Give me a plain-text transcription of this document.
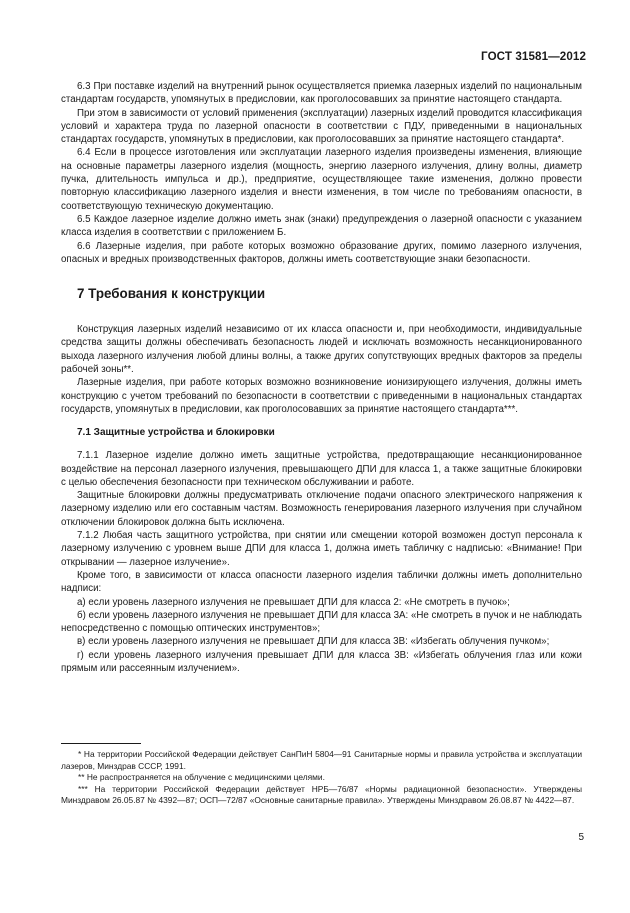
ГОСТ 31581—2012

6.3 При поставке изделий на внутренний рынок осуществляется приемка лазерных изделий по национальным стандартам государств, упомянутых в предисловии, как проголосовавших за принятие настоящего стандарта.

При этом в зависимости от условий применения (эксплуатации) лазерных изделий проводится классификация условий и характера труда по лазерной опасности в соответствии с ПДУ, приведенными в национальных стандартах государств, упомянутых в предисловии, как проголосовавших за принятие настоящего стандарта*.

6.4 Если в процессе изготовления или эксплуатации лазерного изделия произведены изменения, влияющие на основные параметры лазерного изделия (мощность, энергию лазерного излучения, длину волны, диаметр пучка, длительность импульса и др.), предприятие, осуществляющее такие изменения, должно провести повторную классификацию лазерного изделия и внести изменения, в том числе по требованиям опасности, в соответствующую техническую документацию.

6.5 Каждое лазерное изделие должно иметь знак (знаки) предупреждения о лазерной опасности с указанием класса изделия в соответствии с приложением Б.

6.6 Лазерные изделия, при работе которых возможно образование других, помимо лазерного излучения, опасных и вредных производственных факторов, должны иметь соответствующие знаки безопасности.

7 Требования к конструкции

Конструкция лазерных изделий независимо от их класса опасности и, при необходимости, индивидуальные средства защиты должны обеспечивать безопасность людей и исключать возможность несанкционированного выхода лазерного излучения любой длины волны, а также других сопутствующих вредных факторов за пределы рабочей зоны**.

Лазерные изделия, при работе которых возможно возникновение ионизирующего излучения, должны иметь конструкцию с учетом требований по безопасности в соответствии с приведенными в национальных стандартах государств, упомянутых в предисловии, как проголосовавших за принятие настоящего стандарта***.

7.1 Защитные устройства и блокировки

7.1.1 Лазерное изделие должно иметь защитные устройства, предотвращающие несанкционированное воздействие на персонал лазерного излучения, превышающего ДПИ для класса 1, а также защитные блокировки с целью обеспечения безопасности при техническом обслуживании и работе.

Защитные блокировки должны предусматривать отключение подачи опасного электрического напряжения к лазерному изделию или его составным частям. Возможность генерирования лазерного излучения при случайном отключении блокировок должна быть исключена.

7.1.2 Любая часть защитного устройства, при снятии или смещении которой возможен доступ персонала к лазерному излучению с уровнем выше ДПИ для класса 1, должна иметь табличку с надписью: «Внимание! При открывании — лазерное излучение».

Кроме того, в зависимости от класса опасности лазерного изделия таблички должны иметь дополнительно надписи:

а) если уровень лазерного излучения не превышает ДПИ для класса 2: «Не смотреть в пучок»;

б) если уровень лазерного излучения не превышает ДПИ для класса 3А: «Не смотреть в пучок и не наблюдать непосредственно с помощью оптических инструментов»;

в) если уровень лазерного излучения не превышает ДПИ для класса 3В: «Избегать облучения пучком»;

г) если уровень лазерного излучения превышает ДПИ для класса 3В: «Избегать облучения глаз или кожи прямым или рассеянным излучением».

* На территории Российской Федерации действует СанПиН 5804—91 Санитарные нормы и правила устройства и эксплуатации лазеров, Минздрав СССР, 1991.

** Не распространяется на облучение с медицинскими целями.

*** На территории Российской Федерации действует НРБ—76/87 «Нормы радиационной безопасности». Утверждены Минздравом 26.05.87 № 4392—87; ОСП—72/87 «Основные санитарные правила». Утверждены Минздравом 26.08.87 № 4422—87.

5
